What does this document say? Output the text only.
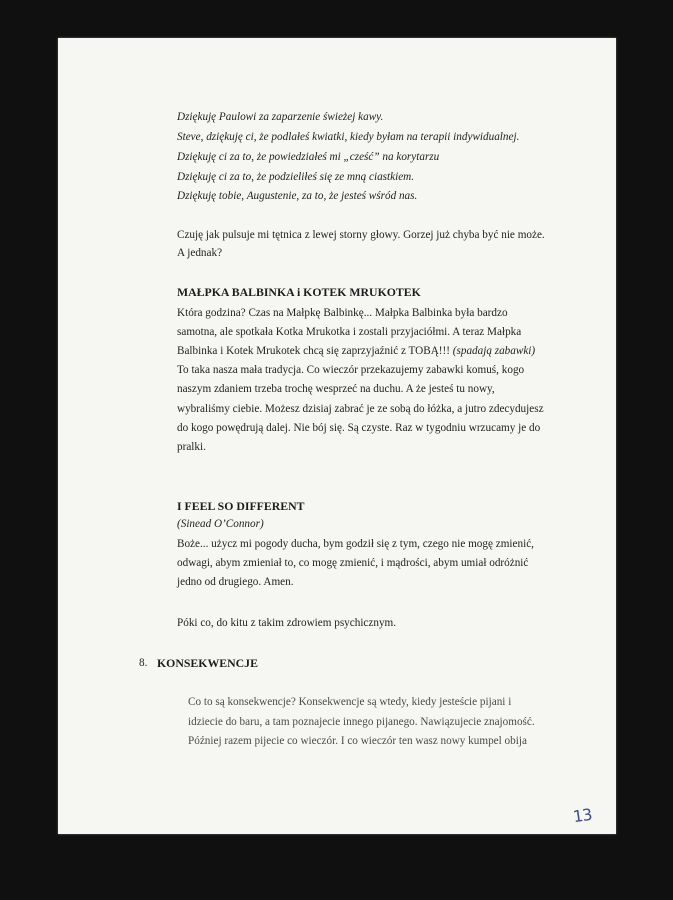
Dziękuję Paulowi za zaparzenie świeżej kawy.

Steve, dziękuję ci, że podlałeś kwiatki, kiedy byłam na terapii indywidualnej.

Dziękuję ci za to, że powiedziałeś mi „cześć” na korytarzu

Dziękuję ci za to, że podzieliłeś się ze mną ciastkiem.

Dziękuję tobie, Augustenie, za to, że jesteś wśród nas.

Czuję jak pulsuje mi tętnica z lewej storny głowy. Gorzej już chyba być nie może.

A jednak?

MAŁPKA BALBINKA i KOTEK MRUKOTEK

Która godzina? Czas na Małpkę Balbinkę... Małpka Balbinka była bardzo

samotna, ale spotkała Kotka Mrukotka i zostali przyjaciółmi. A teraz Małpka

Balbinka i Kotek Mrukotek chcą się zaprzyjaźnić z TOBĄ!!! (spadają zabawki)

To taka nasza mała tradycja. Co wieczór przekazujemy zabawki komuś, kogo

naszym zdaniem trzeba trochę wesprzeć na duchu. A że jesteś tu nowy,

wybraliśmy ciebie. Możesz dzisiaj zabrać je ze sobą do łóżka, a jutro zdecydujesz

do kogo powędrują dalej. Nie bój się. Są czyste. Raz w tygodniu wrzucamy je do

pralki.

I FEEL SO DIFFERENT

(Sinead O’Connor)

Boże... użycz mi pogody ducha, bym godził się z tym, czego nie mogę zmienić,

odwagi, abym zmieniał to, co mogę zmienić, i mądrości, abym umiał odróżnić

jedno od drugiego. Amen.

Póki co, do kitu z takim zdrowiem psychicznym.

8. KONSEKWENCJE

Co to są konsekwencje? Konsekwencje są wtedy, kiedy jesteście pijani i

idziecie do baru, a tam poznajecie innego pijanego. Nawiązujecie znajomość.

Później razem pijecie co wieczór. I co wieczór ten wasz nowy kumpel obija

13
